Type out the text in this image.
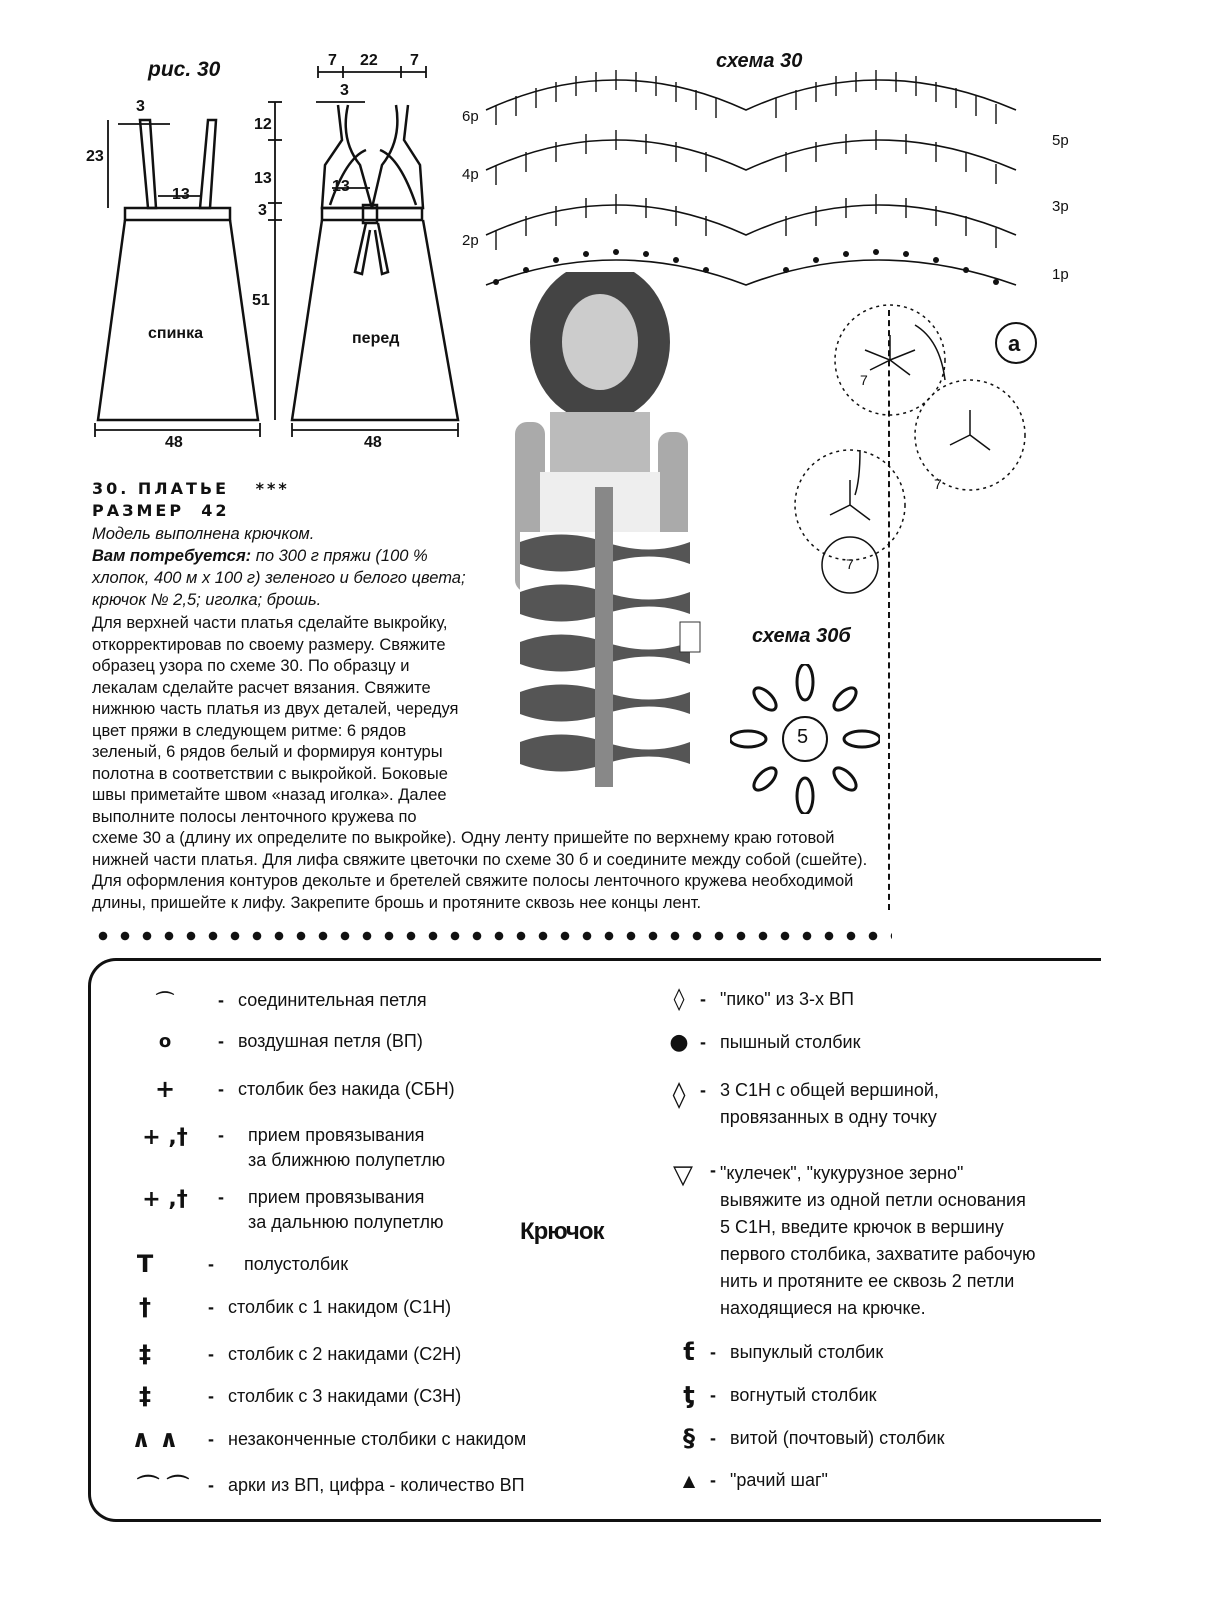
рис. 30
3
23
13
спинка
48
7 22 7
3
12
13
3
51
13
перед
48
схема 30
6р
4р
2р
5р
3р
1р
a
7
7
7
схема 30б
5
30. ПЛАТЬЕ ***
РАЗМЕР  42
Модель выполнена крючком.
Вам потребуется: по 300 г пряжи (100 %
хлопок, 400 м х 100 г) зеленого и белого цвета;
крючок № 2,5; иголка; брошь.
Для верхней части платья сделайте выкройку,
откорректировав по своему размеру. Свяжите
образец узора по схеме 30. По образцу и
лекалам сделайте расчет вязания. Свяжите
нижнюю часть платья из двух деталей, чередуя
цвет пряжи в следующем ритме: 6 рядов
зеленый, 6 рядов белый и формируя контуры
полотна в соответствии с выкройкой. Боковые
швы приметайте швом «назад иголка». Далее
выполните полосы ленточного кружева по
схеме 30 а (длину их определите по выкройке). Одну ленту пришейте по верхнему краю готовой
нижней части платья. Для лифа свяжите цветочки по схеме 30 б и соедините между собой (сшейте).
Для оформления контуров декольте и бретелей свяжите полосы ленточного кружева необходимой
длины, пришейте к лифу. Закрепите брошь и протяните сквозь нее концы лент.
Крючок
⌒	- соединительная петля
o	- воздушная петля (ВП)
+	- столбик без накида (СБН)
+ ,†	- прием провязывания
за ближнюю полупетлю
+ ,†	- прием провязывания
за дальнюю полупетлю
T	- полустолбик
†	- столбик с 1 накидом (С1Н)
‡	- столбик с 2 накидами (С2Н)
‡	- столбик с 3 накидами (С3Н)
∧ ∧	- незаконченные столбики с накидом
⌒ ⌒	- арки из ВП, цифра - количество ВП
◊ - "пико" из 3-х ВП
● - пышный столбик
◊ - 3 С1Н с общей вершиной,
провязанных в одну точку
▽ - "кулечек", "кукурузное зерно"
вывяжите из одной петли основания
5 С1Н, введите крючок в вершину
первого столбика, захватите рабочую
нить и протяните ее сквозь 2 петли
находящиеся на крючке.
ƭ - выпуклый столбик
ƫ - вогнутый столбик
§ - витой (почтовый) столбик
▲ - "рачий шаг"
